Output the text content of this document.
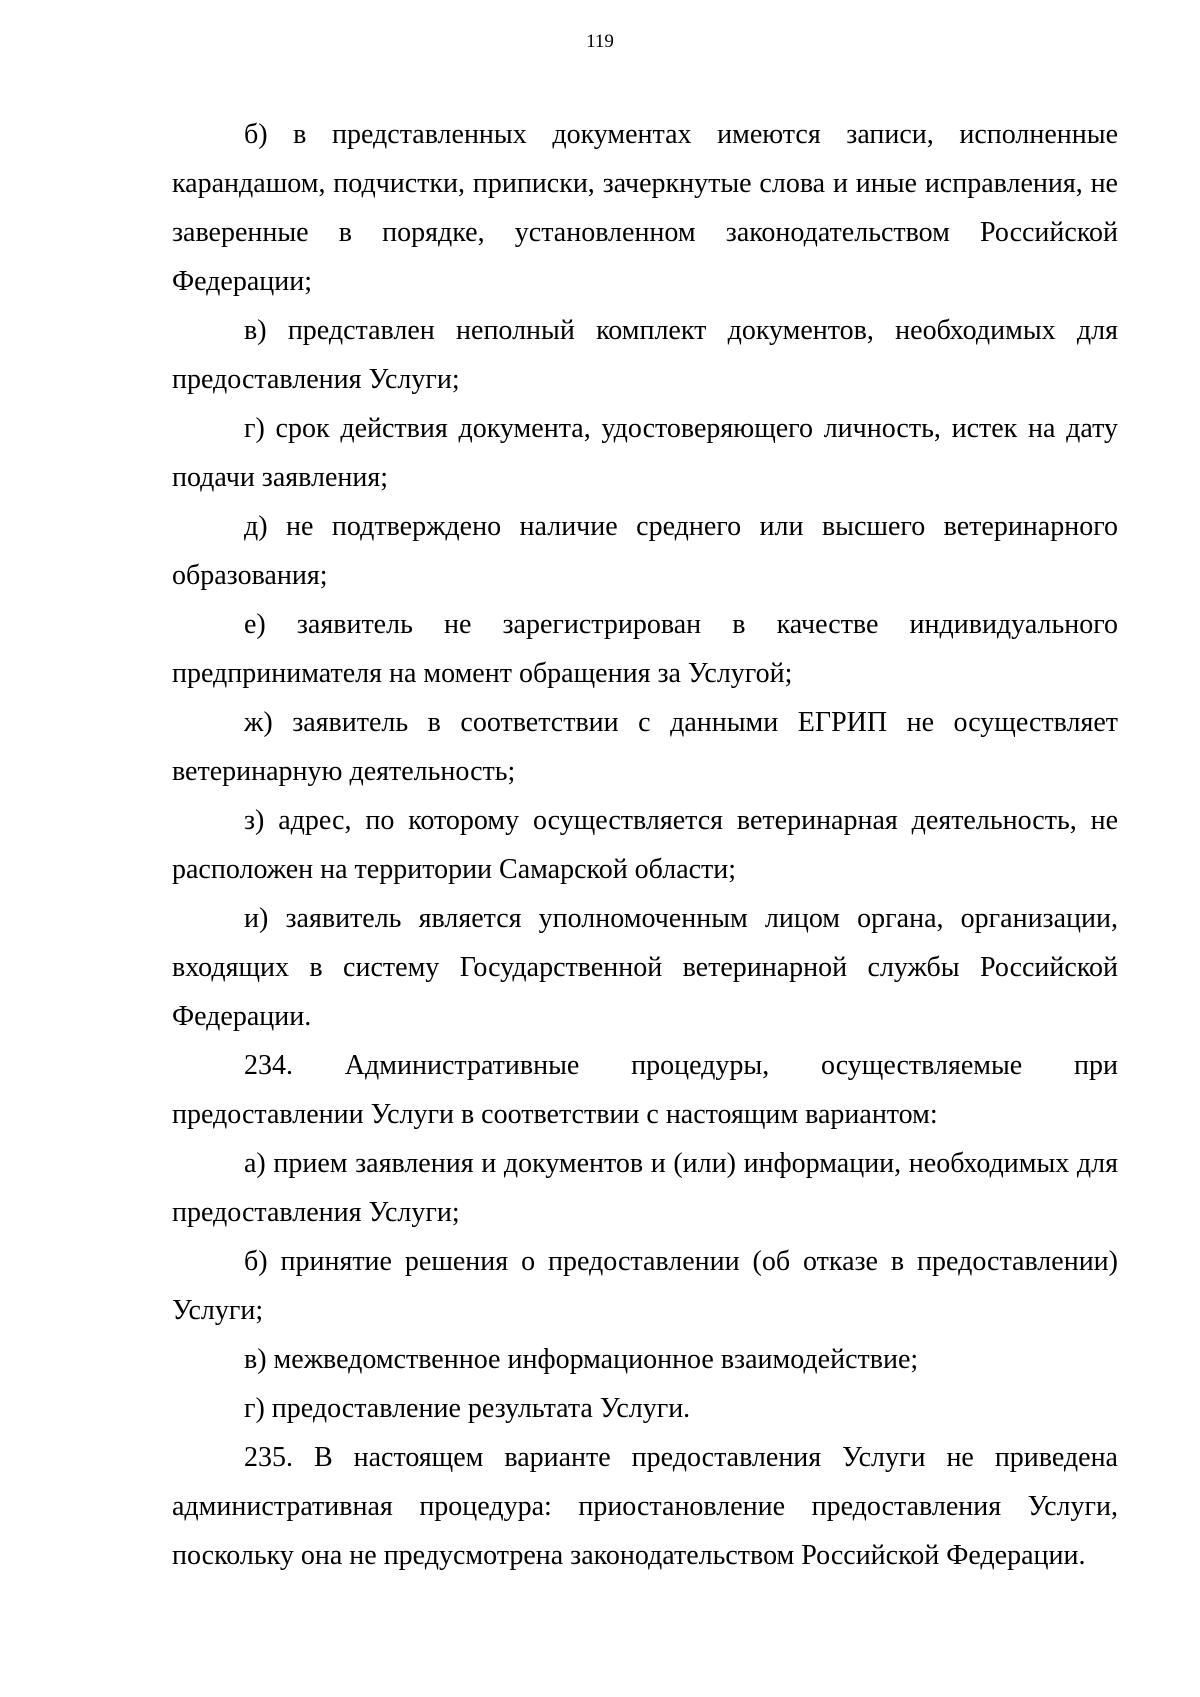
119

б) в представленных документах имеются записи, исполненные карандашом, подчистки, приписки, зачеркнутые слова и иные исправления, не заверенные в порядке, установленном законодательством Российской Федерации;

в) представлен неполный комплект документов, необходимых для предоставления Услуги;

г) срок действия документа, удостоверяющего личность, истек на дату подачи заявления;

д) не подтверждено наличие среднего или высшего ветеринарного образования;

е) заявитель не зарегистрирован в качестве индивидуального предпринимателя на момент обращения за Услугой;

ж) заявитель в соответствии с данными ЕГРИП не осуществляет ветеринарную деятельность;

з) адрес, по которому осуществляется ветеринарная деятельность, не расположен на территории Самарской области;

и) заявитель является уполномоченным лицом органа, организации, входящих в систему Государственной ветеринарной службы Российской Федерации.

234. Административные процедуры, осуществляемые при предоставлении Услуги в соответствии с настоящим вариантом:

а) прием заявления и документов и (или) информации, необходимых для предоставления Услуги;

б) принятие решения о предоставлении (об отказе в предоставлении) Услуги;

в) межведомственное информационное взаимодействие;

г) предоставление результата Услуги.

235. В настоящем варианте предоставления Услуги не приведена административная процедура: приостановление предоставления Услуги, поскольку она не предусмотрена законодательством Российской Федерации.
